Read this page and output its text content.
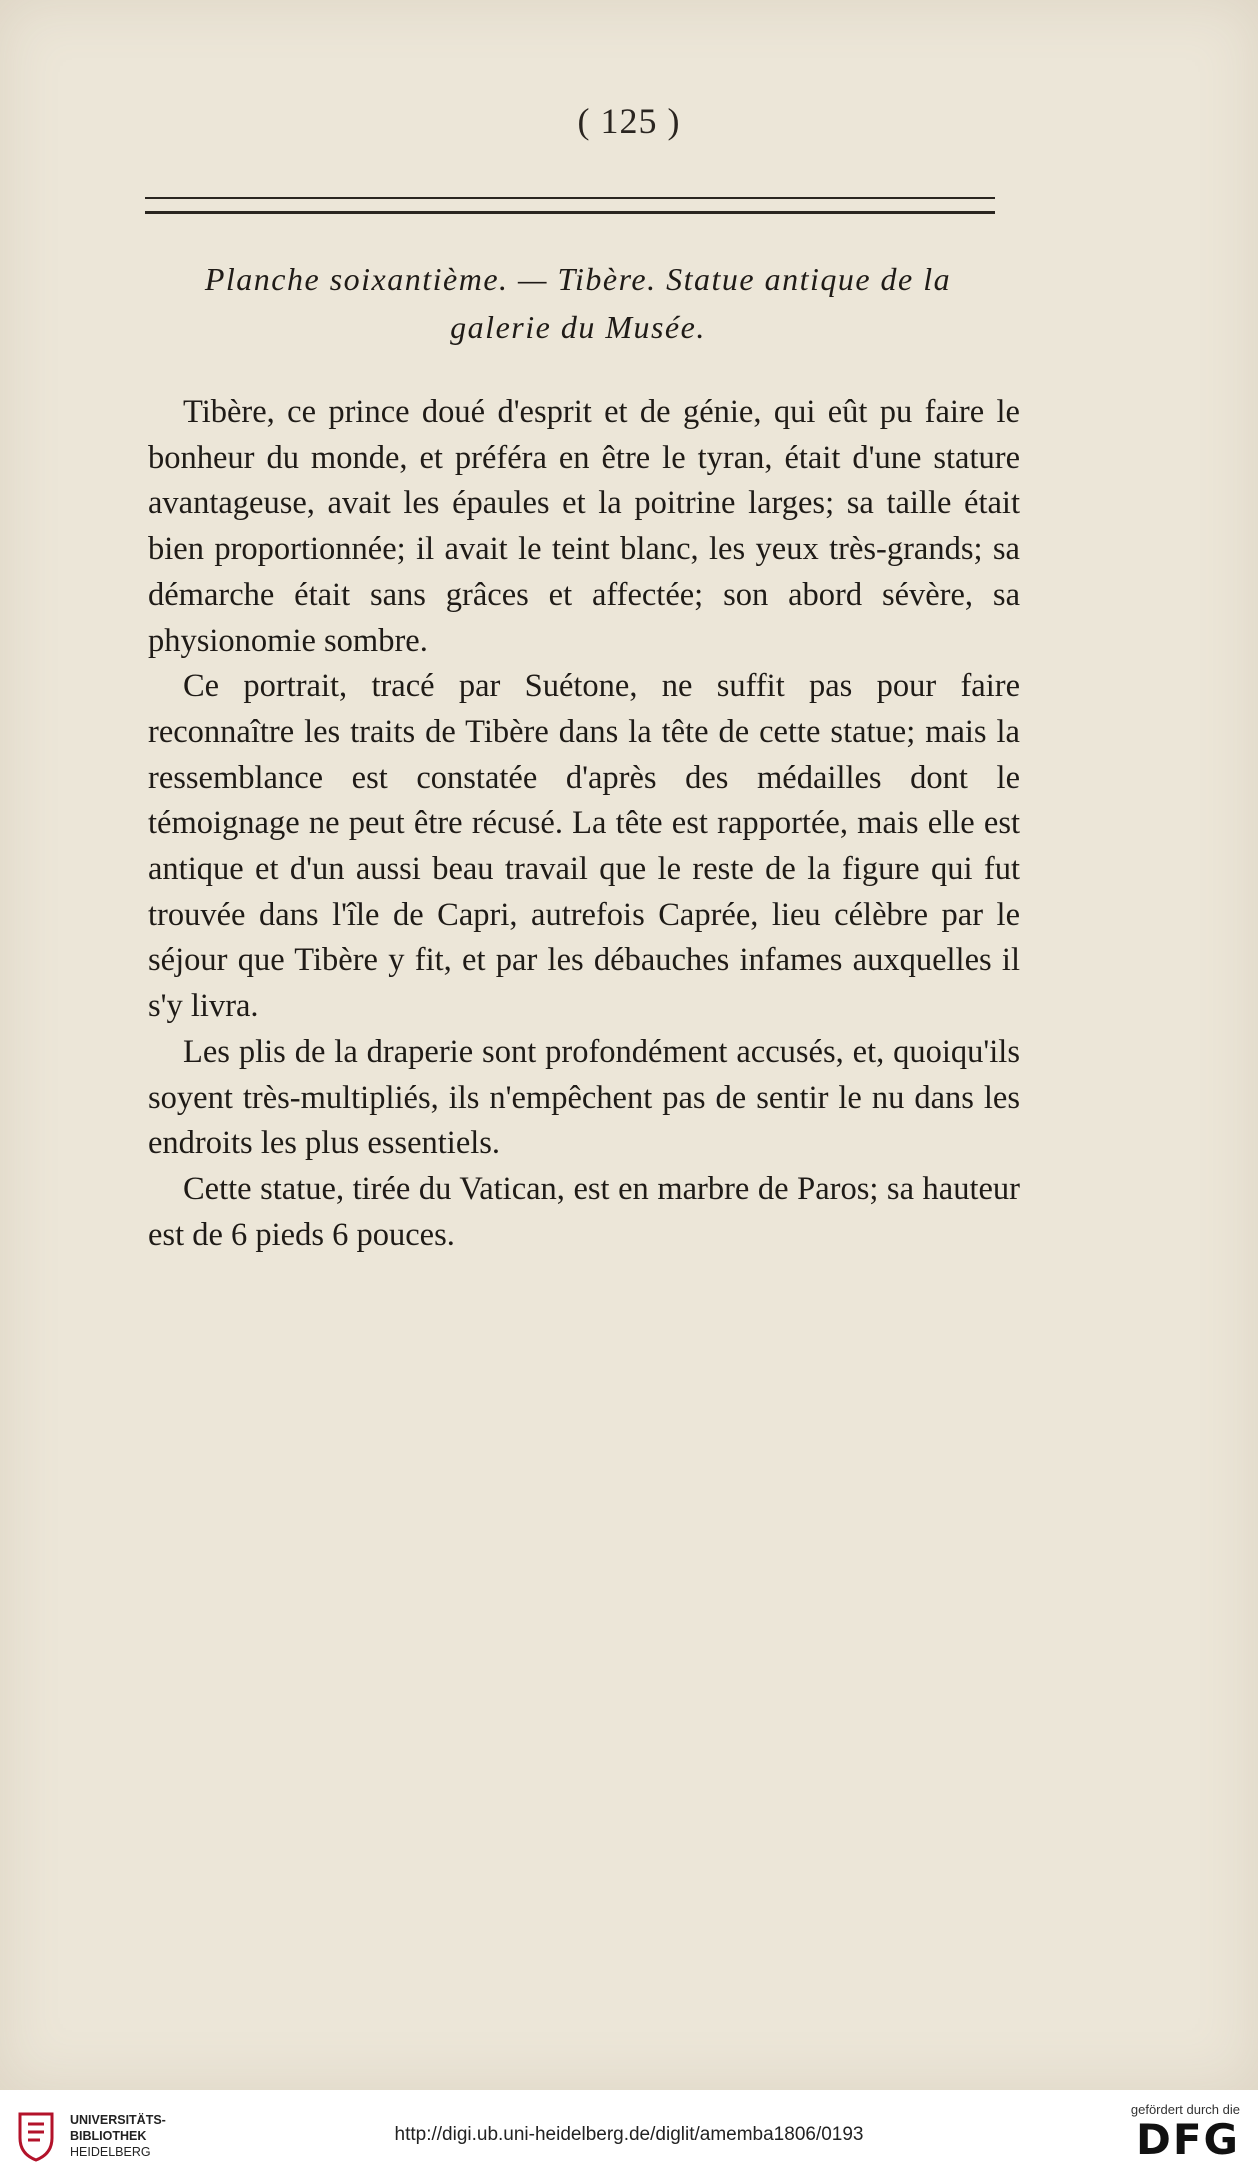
( 125 )
Planche soixantième. — Tibère. Statue antique de la
galerie du Musée.

Tibère, ce prince doué d'esprit et de génie, qui eût pu faire le bonheur du monde, et préféra en être le tyran, était d'une stature avantageuse, avait les épaules et la poitrine larges; sa taille était bien proportionnée; il avait le teint blanc, les yeux très-grands; sa démarche était sans grâces et affectée; son abord sévère, sa physionomie sombre.

Ce portrait, tracé par Suétone, ne suffit pas pour faire reconnaître les traits de Tibère dans la tête de cette statue; mais la ressemblance est constatée d'après des médailles dont le témoignage ne peut être récusé. La tête est rapportée, mais elle est antique et d'un aussi beau travail que le reste de la figure qui fut trouvée dans l'île de Capri, autrefois Caprée, lieu célèbre par le séjour que Tibère y fit, et par les débauches infames auxquelles il s'y livra.

Les plis de la draperie sont profondément accusés, et, quoiqu'ils soyent très-multipliés, ils n'empêchent pas de sentir le nu dans les endroits les plus essentiels.

Cette statue, tirée du Vatican, est en marbre de Paros; sa hauteur est de 6 pieds 6 pouces.

UNIVERSITÄTS-
BIBLIOTHEK
HEIDELBERG
http://digi.ub.uni-heidelberg.de/diglit/amemba1806/0193
gefördert durch die
DFG
